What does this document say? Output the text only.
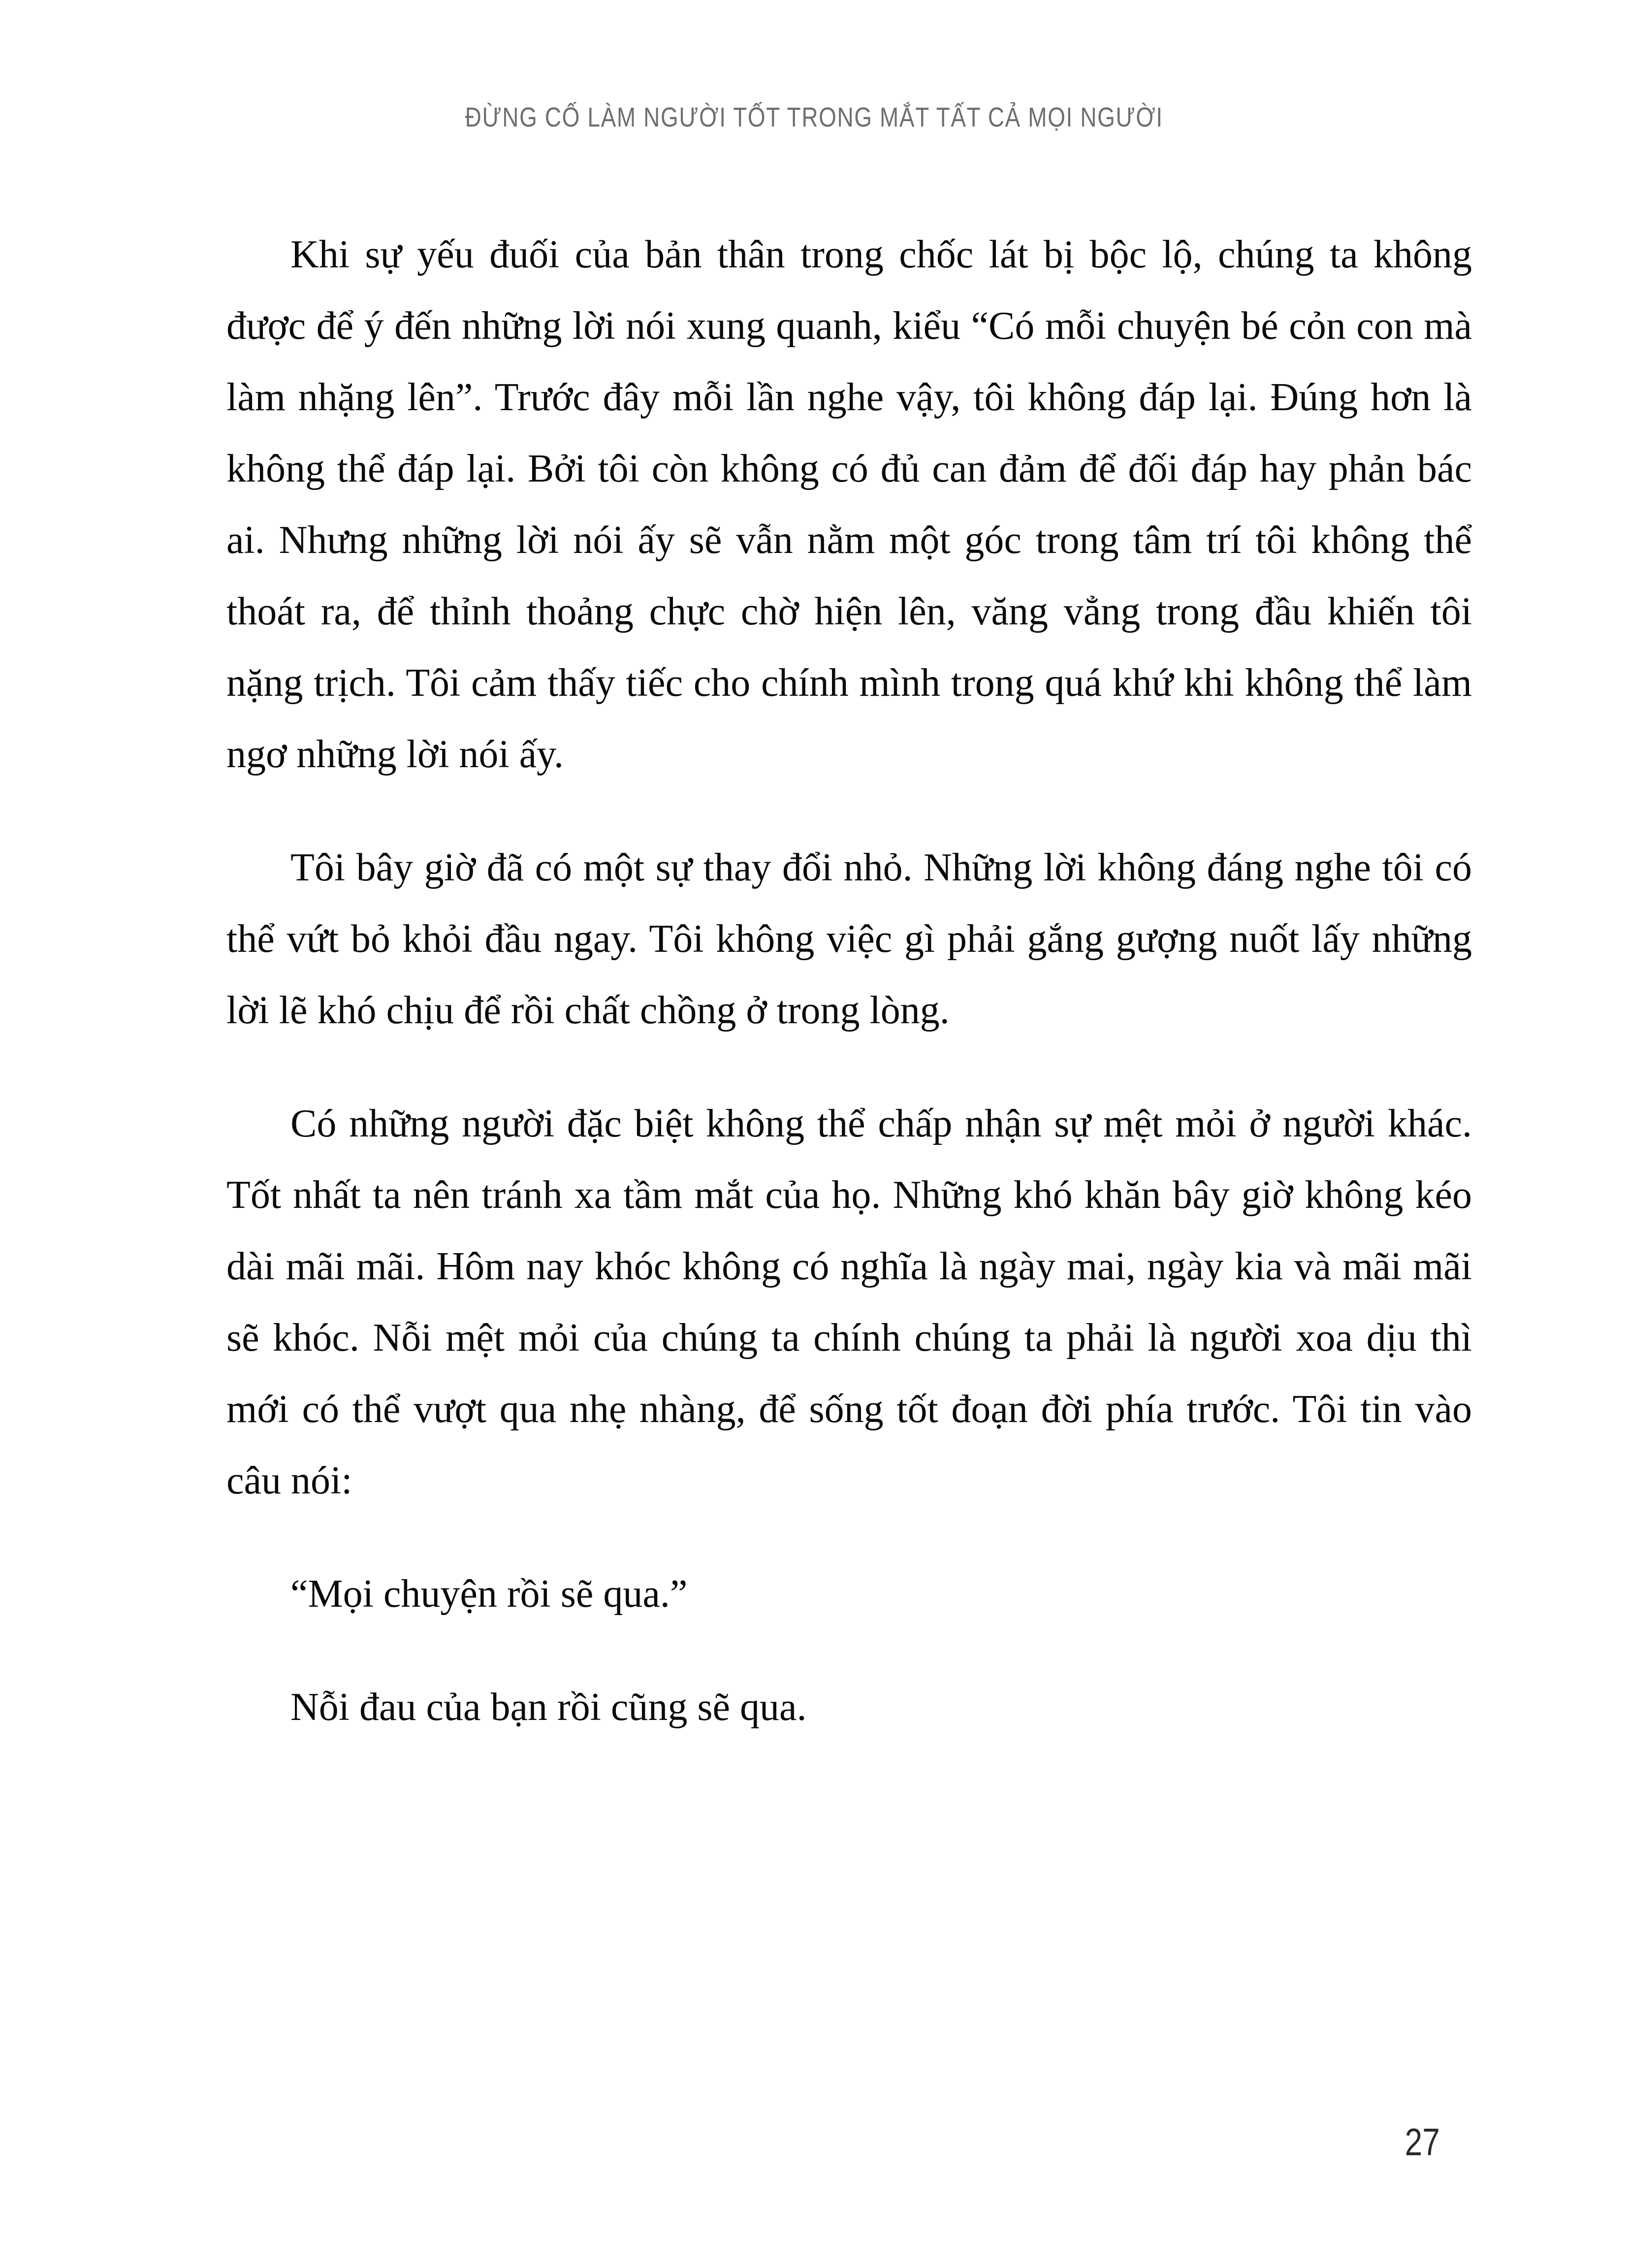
ĐỪNG CỐ LÀM NGƯỜI TỐT TRONG MẮT TẤT CẢ MỌI NGƯỜI

Khi sự yếu đuối của bản thân trong chốc lát bị bộc lộ, chúng ta không được để ý đến những lời nói xung quanh, kiểu “Có mỗi chuyện bé cỏn con mà làm nhặng lên”. Trước đây mỗi lần nghe vậy, tôi không đáp lại. Đúng hơn là không thể đáp lại. Bởi tôi còn không có đủ can đảm để đối đáp hay phản bác ai. Nhưng những lời nói ấy sẽ vẫn nằm một góc trong tâm trí tôi không thể thoát ra, để thỉnh thoảng chực chờ hiện lên, văng vẳng trong đầu khiến tôi nặng trịch. Tôi cảm thấy tiếc cho chính mình trong quá khứ khi không thể làm ngơ những lời nói ấy.

Tôi bây giờ đã có một sự thay đổi nhỏ. Những lời không đáng nghe tôi có thể vứt bỏ khỏi đầu ngay. Tôi không việc gì phải gắng gượng nuốt lấy những lời lẽ khó chịu để rồi chất chồng ở trong lòng.

Có những người đặc biệt không thể chấp nhận sự mệt mỏi ở người khác. Tốt nhất ta nên tránh xa tầm mắt của họ. Những khó khăn bây giờ không kéo dài mãi mãi. Hôm nay khóc không có nghĩa là ngày mai, ngày kia và mãi mãi sẽ khóc. Nỗi mệt mỏi của chúng ta chính chúng ta phải là người xoa dịu thì mới có thể vượt qua nhẹ nhàng, để sống tốt đoạn đời phía trước. Tôi tin vào câu nói:

“Mọi chuyện rồi sẽ qua.”

Nỗi đau của bạn rồi cũng sẽ qua.

27
